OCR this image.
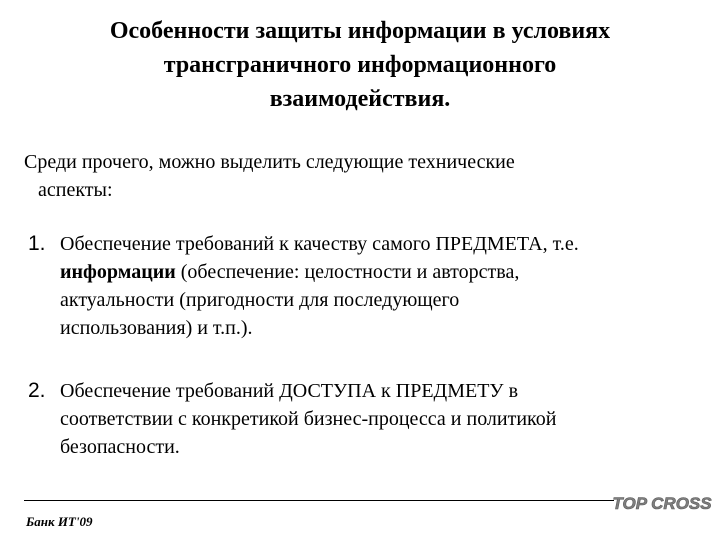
Особенности защиты информации в условиях
трансграничного информационного
взаимодействия.
Среди прочего, можно выделить следующие технические
аспекты:
1. Обеспечение требований к качеству самого ПРЕДМЕТА, т.е.
информации (обеспечение: целостности и авторства,
актуальности (пригодности для последующего
использования) и т.п.).
2. Обеспечение требований ДОСТУПА к ПРЕДМЕТУ в
соответствии с конкретикой бизнес-процесса и политикой
безопасности.
Банк ИТ'09
TOP CROSS
